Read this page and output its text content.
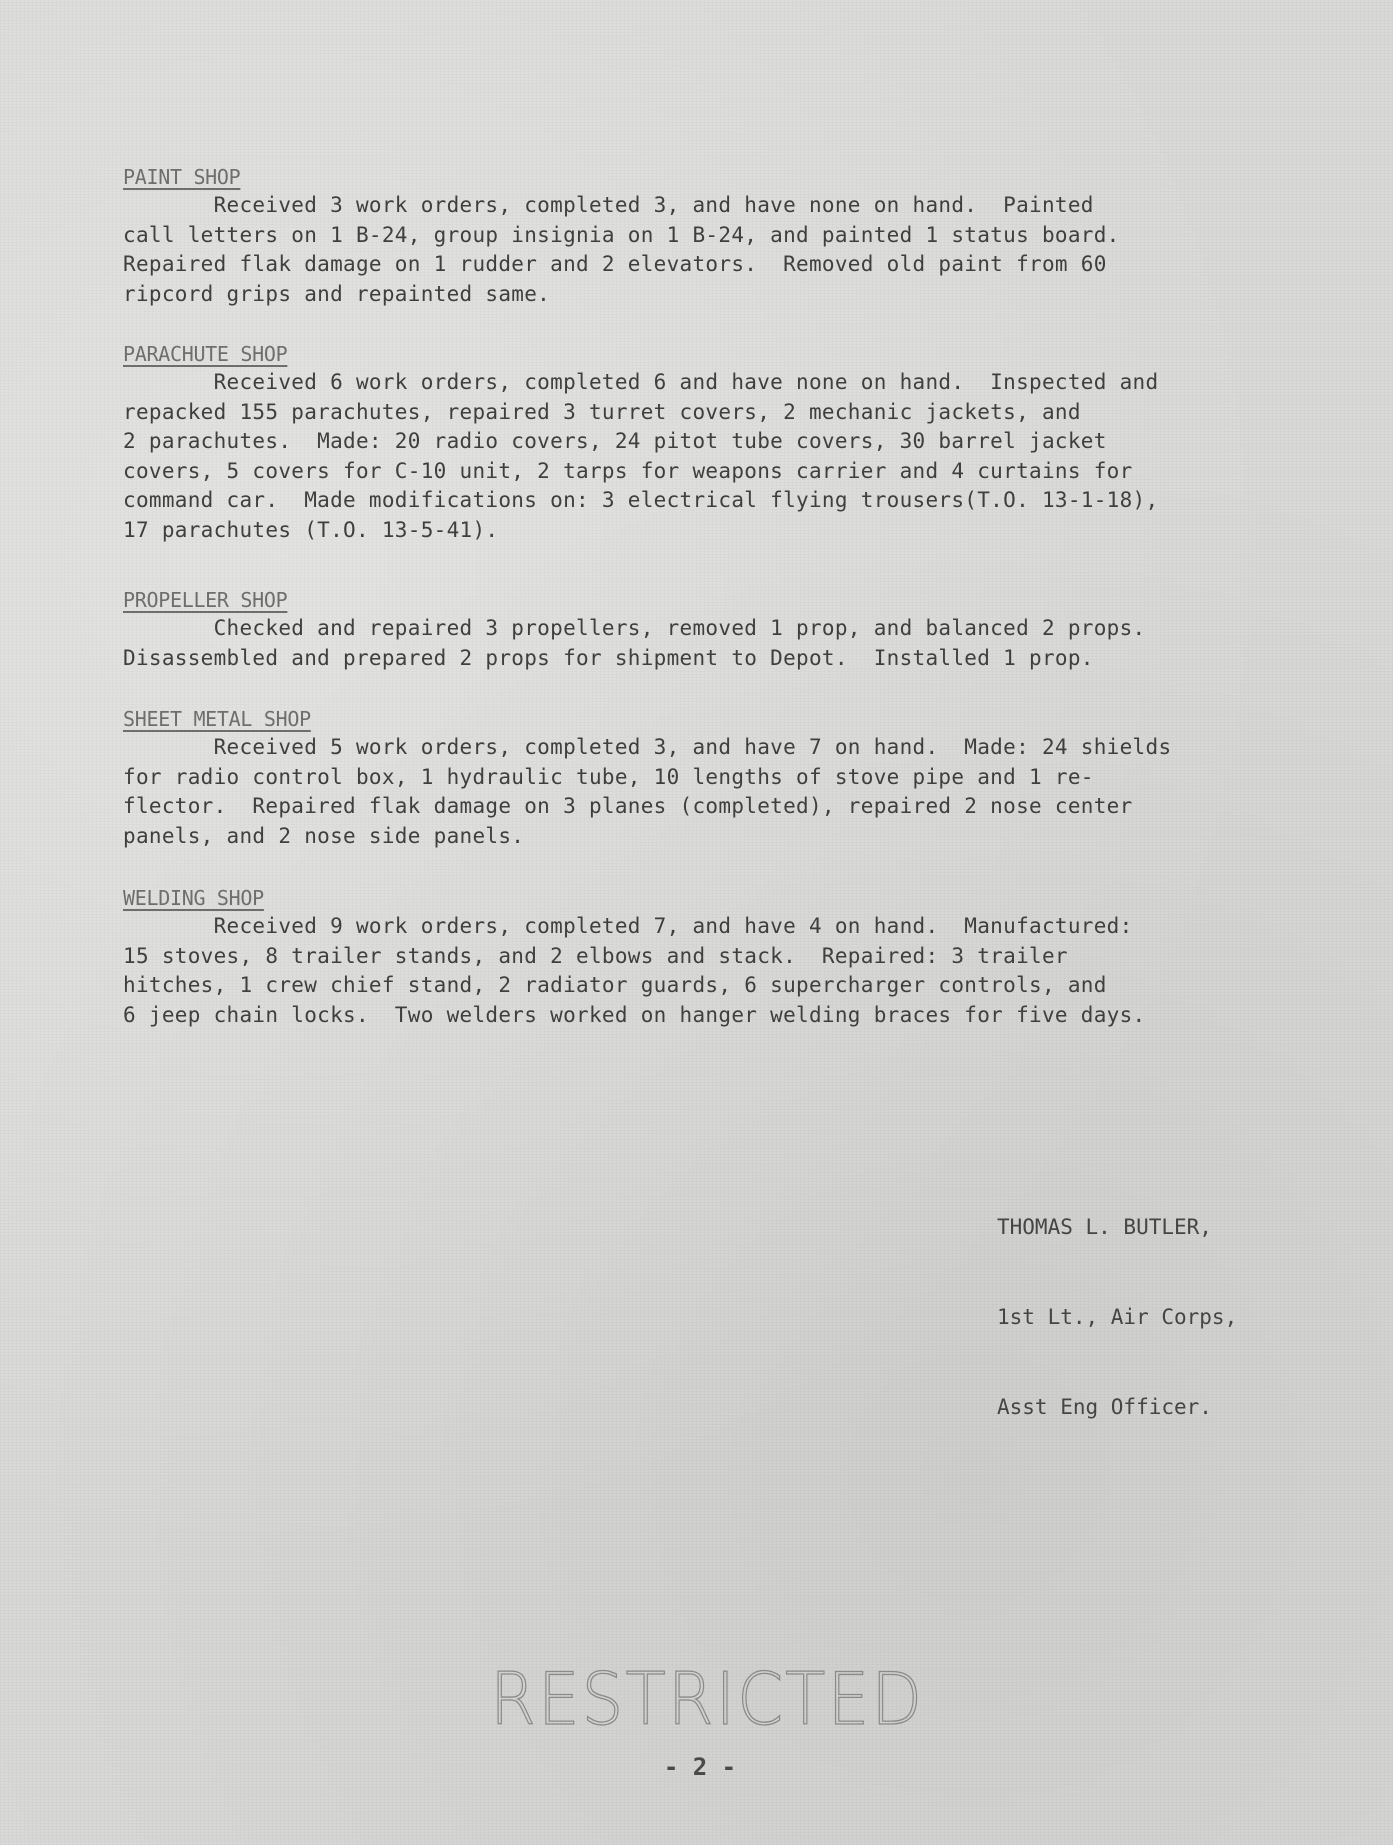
PAINT SHOP
Received 3 work orders, completed 3, and have none on hand.  Painted
call letters on 1 B-24, group insignia on 1 B-24, and painted 1 status board.
Repaired flak damage on 1 rudder and 2 elevators.  Removed old paint from 60
ripcord grips and repainted same.
PARACHUTE SHOP
Received 6 work orders, completed 6 and have none on hand.  Inspected and
repacked 155 parachutes, repaired 3 turret covers, 2 mechanic jackets, and
2 parachutes.  Made: 20 radio covers, 24 pitot tube covers, 30 barrel jacket
covers, 5 covers for C-10 unit, 2 tarps for weapons carrier and 4 curtains for
command car.  Made modifications on: 3 electrical flying trousers(T.O. 13-1-18),
17 parachutes (T.O. 13-5-41).
PROPELLER SHOP
Checked and repaired 3 propellers, removed 1 prop, and balanced 2 props.
Disassembled and prepared 2 props for shipment to Depot.  Installed 1 prop.
SHEET METAL SHOP
Received 5 work orders, completed 3, and have 7 on hand.  Made: 24 shields
for radio control box, 1 hydraulic tube, 10 lengths of stove pipe and 1 re-
flector.  Repaired flak damage on 3 planes (completed), repaired 2 nose center
panels, and 2 nose side panels.
WELDING SHOP
Received 9 work orders, completed 7, and have 4 on hand.  Manufactured:
15 stoves, 8 trailer stands, and 2 elbows and stack.  Repaired: 3 trailer
hitches, 1 crew chief stand, 2 radiator guards, 6 supercharger controls, and
6 jeep chain locks.  Two welders worked on hanger welding braces for five days.

THOMAS L. BUTLER,

1st Lt., Air Corps,

Asst Eng Officer.

RESTRICTED
- 2 -
